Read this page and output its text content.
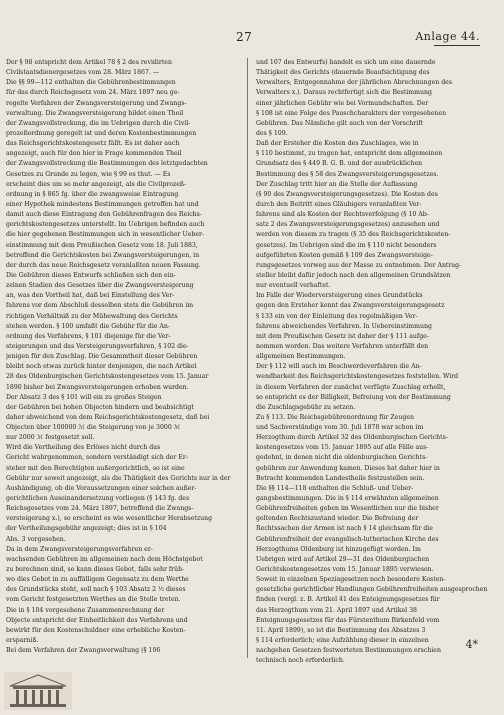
27	Anlage 44.
Der § 98 entspricht dem Artikel 78 § 2 des revidirten
Civilstaatsdienergesetzes vom 28. März 1867. —
Die §§ 99—112 enthalten die Gebührenbestimmungen
für das durch Reichsgesetz vom 24. März 1897 neu ge-
regelte Verfahren der Zwangsversteigerung und Zwangs-
verwaltung. Die Zwangsversteigerung bildet einen Theil
der Zwangsvollstreckung, die im Uebrigen durch die Civil-
prozeßordnung geregelt ist und deren Kostenbestimmungen
das Reichsgerichtskostengesetz fällt. Es ist daher auch
angezeigt, auch für den hier in Frage kommenden Theil
der Zwangsvollstreckung die Bestimmungen des letztgedachten
Gesetzes zu Grunde zu legen, wie § 99 es thut. — Es
erscheint dies um so mehr angezeigt, als die Civilprozeß-
ordnung in § 865 fg. über die zwangsweise Eintragung
einer Hypothek mindestens Bestimmungen getroffen hat und
damit auch diese Eintragung den Gebührenfragen des Reichs-
gerichtskostengesetzes unterstellt. Im Uebrigen befinden auch
die hier gegebenen Bestimmungen sich in wesentlicher Ueber-
einstimmung mit dem Preußischen Gesetz vom 18. Juli 1883,
betreffend die Gerichtskosten bei Zwangsversteigerungen, in
der durch das neue Reichsgesetz veranlaßten neuen Fassung.
Die Gebühren dieses Entwurfs schließen sich den ein-
zelnen Stadien des Gesetzes über die Zwangsversteigerung
an, was den Vortheil hat, daß bei Einstellung des Ver-
fahrens vor dem Abschluß desselben stets die Gebühren im
richtigen Verhältniß zu der Mühewaltung des Gerichts
stehen werden. § 100 umfaßt die Gebühr für die An-
ordnung des Verfahrens, § 101 diejenige für die Ver-
steigerungen und das Versteigerungsverfahren, § 102 die-
jenigen für den Zuschlag. Die Gesammtheit dieser Gebühren
bleibt noch etwas zurück hinter denjenigen, die nach Artikel
28 des Oldenburgischen Gerichtskostengesetzes vom 15. Januar
1890 bisher bei Zwangsversteigerungen erhoben wurden.
Der Absatz 3 des § 101 will ein zu großes Steigen
der Gebühren bei hohen Objecten hindern und beabsichtigt
daher abweichend von dem Reichsgerichtskostengesetz, daß bei
Objecten über 100000 ℳ die Steigerung von je 3000 ℳ
nur 2000 ℳ festgesetzt soll.
Wird die Vertheilung des Erlöses nicht durch das
Gericht wahrgenommen, sondern verständigt sich der Er-
steher mit den Berechtigten außergerichtlich, so ist eine
Gebühr nur soweit angezeigt, als die Thätigkeit des Gerichts nur in der
Aushändigung, ob die Voraussetzungen einer solchen außer-
gerichtlichen Auseinandersetzung vorliegen (§ 143 fg. des
Reichsgesetzes vom 24. März 1897, betreffend die Zwangs-
versteigerung x.), so erscheint es wie wesentlicher Herabsetzung
der Vertheilungsgebühr angezeigt; dies ist in § 104
Abs. 3 vorgesehen.
Da in dem Zwangsversteigerungsverfahren er-
wachsenden Gebühren im allgemeinen nach dem Höchstgebot
zu berechnen sind, so kann dieses Gebot, falls sehr früh-
wo dies Gebot in zu auffälligem Gegensatz zu dem Werthe
des Grundstücks steht, soll nach § 103 Absatz 2 ½ dieses
vom Gericht festgesetzten Werthes an die Stelle treten.
Die in § 104 vorgesehene Zusammenrechnung der
Objecte entspricht der Einheitlichkeit des Verfahrens und
bewirkt für den Kostenschuldner eine erhebliche Kosten-
ersparniß.
Bei dem Verfahren der Zwangsverwaltung (§ 106
und 107 des Entwurfs) handelt es sich um eine dauernde
Thätigkeit des Gerichts (dauernde Beaufsichtigung des
Verwalters, Entgegennahme der jährlichen Abrechnungen des
Verwalters x.). Daraus rechtfertigt sich die Bestimmung
einer jährlichen Gebühr wie bei Vormundschaften. Der
§ 108 ist eine Folge des Pauschcharakters der vorgesehenen
Gebühren. Das Nämliche gilt auch von der Vorschrift
des § 109.
Daß der Ersteher die Kosten des Zuschlages, wie in
§ 110 bestimmt, zu tragen hat, entspricht dem allgemeinen
Grundsatz des § 449 B. G. B. und der ausdrücklichen
Bestimmung des § 58 des Zwangsversteigerungsgesetzes.
Der Zuschlag tritt hier an die Stelle der Auflassung
(§ 90 des Zwangsversteigerungsgesetzes). Die Kosten des
durch den Beitritt eines Gläubigers veranlaßten Ver-
fahrens sind als Kosten der Rechtsverfolgung (§ 10 Ab-
satz 2 des Zwangsversteigerungsgesetzes) anzusehen und
werden von diesem zu tragen (§ 35 des Reichsgerichtskosten-
gesetzes). Im Uebrigen sind die im § 110 nicht besonders
aufgeführten Kosten gemäß § 109 des Zwangsversteige-
rungsgesetzes vorweg aus der Masse zu entnehmen. Der Antrag-
steller bleibt dafür jedoch nach den allgemeinen Grundsätzen
nur eventuell verhaftet.
Im Falle der Wiederversteigerung eines Grundstücks
gegen den Ersteher kennt das Zwangsversteigerungsgesetz
§ 133 ein von der Einleitung des regelmäßigen Ver-
fahrens abweichendes Verfahren. In Uebereinstimmung
mit dem Preußischen Gesetz ist daher der § 111 aufge-
nommen worden. Das weitere Verfahren unterfällt den
allgemeinen Bestimmungen.
Der § 112 will auch im Beschwerdeverfahren die An-
wendbarkeit des Reichsgerichtskostengesetzes feststellen. Wird
in diesem Verfahren der zunächst verfügte Zuschlag erhellt,
so entspricht es der Billigkeit, Befreiung von der Bestimmung
die Zuschlagsgebühr zu setzen.
Zu § 113. Die Reichsgebührenordnung für Zeugen
und Sachverständige vom 30. Juli 1878 war schon im
Herzogthum durch Artikel 32 des Oldenburgischen Gerichts-
kostengesetzes vom 15. Januar 1895 auf alle Fälle aus-
gedehnt, in denen nicht die oldenburgischen Gerichts-
gebühren zur Anwendung kamen. Dieses hat daher hier in
Betracht kommenden Landestheile festzustellen sein.
Die §§ 114—118 enthalten die Schluß- und Ueber-
gangsbestimmungen. Die in § 114 erwähnten allgemeinen
Gebührenfreiheiten geben im Wesentlichen nur die bisher
geltenden Rechtszustand wieder. Die Befreiung der
Rechtssachen der Armen ist nach § 14 gleichsam für die
Gebührenfreiheit der evangelisch-lutherischen Kirche des
Herzogthums Oldenburg ist hinzugefügt worden. Im
Uebrigen wird auf Artikel 29—31 des Oldenburgischen
Gerichtskostengesetzes vom 15. Januar 1895 verwiesen.
Soweit in einzelnen Speziagesetzen noch besondere Kosten-
gesetzliche gerichtlicher Handlungen Gebührenfreiheiten ausgesprochen
finden (vergl. z. B. Artikel 41 des Enteignungsgesetzes für
das Herzogthum vom 21. April 1897 und Artikel 38
Enteignungsgesetzes für das Fürstenthum Birkenfeld vom
11. April 1899), so ist die Bestimmung des Absatzes 3
§ 114 erforderlich; eine Aufzählung dieser in einzelnen
nachgehen Gesetzen festwerteten Bestimmungen erschien
technisch noch erforderlich.
4*
